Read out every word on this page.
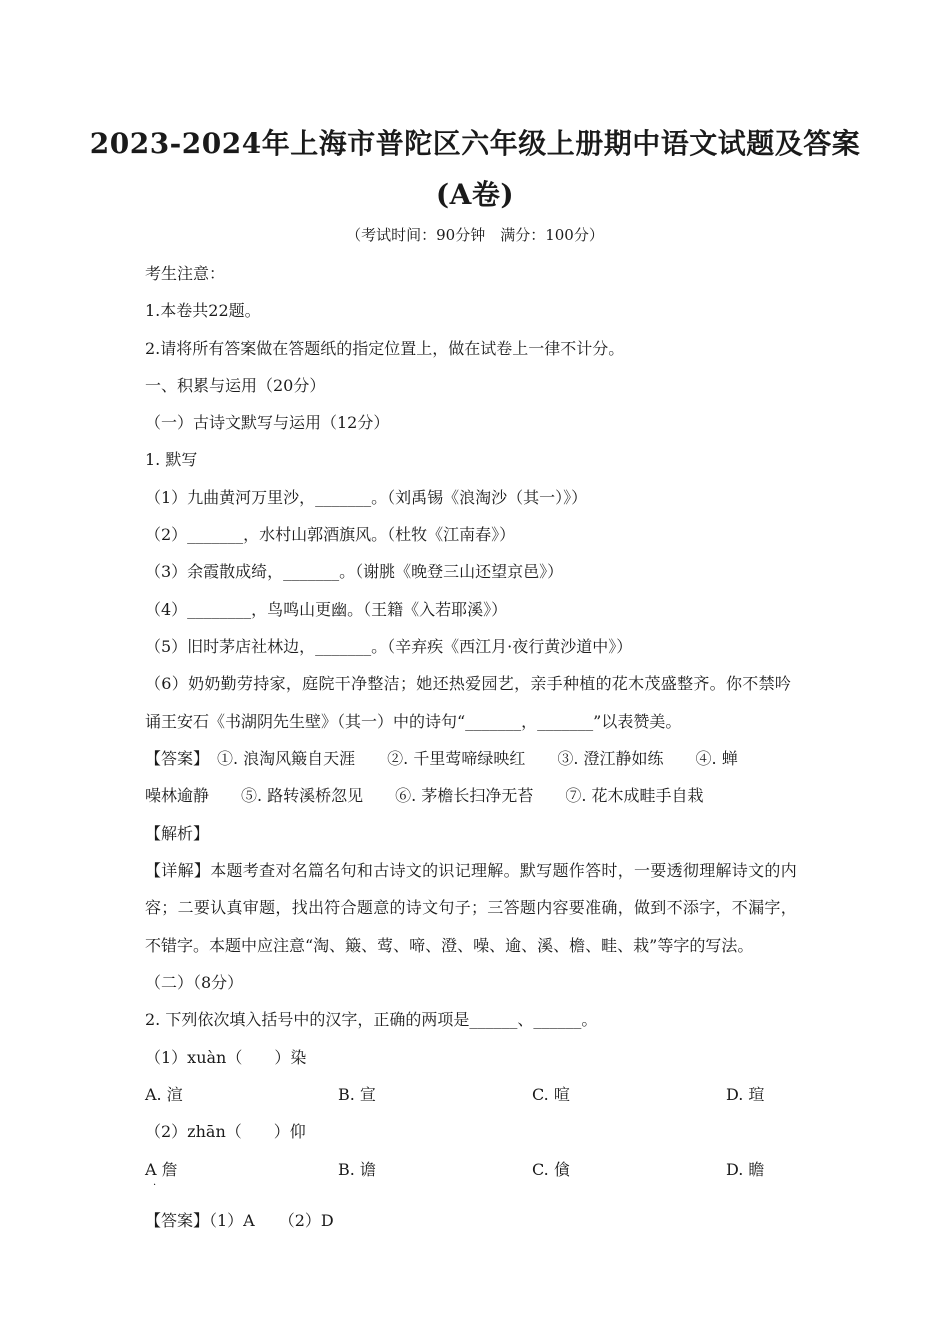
2023-2024年上海市普陀区六年级上册期中语文试题及答案
(A卷)
（考试时间：90分钟　满分：100分）
考生注意：
1.本卷共22题。
2.请将所有答案做在答题纸的指定位置上，做在试卷上一律不计分。
一、积累与运用（20分）
（一）古诗文默写与运用（12分）
1. 默写
（1）九曲黄河万里沙，_______。（刘禹锡《浪淘沙（其一）》）
（2）_______，水村山郭酒旗风。（杜牧《江南春》）
（3）余霞散成绮，_______。（谢朓《晚登三山还望京邑》）
（4）________，鸟鸣山更幽。（王籍《入若耶溪》）
（5）旧时茅店社林边，_______。（辛弃疾《西江月·夜行黄沙道中》）
（6）奶奶勤劳持家，庭院干净整洁；她还热爱园艺，亲手种植的花木茂盛整齐。你不禁吟
诵王安石《书湖阴先生壁》（其一）中的诗句“_______，_______”以表赞美。
【答案】　①. 浪淘风簸自天涯　　②. 千里莺啼绿映红　　③. 澄江静如练　　④. 蝉
噪林逾静　　⑤. 路转溪桥忽见　　⑥. 茅檐长扫净无苔　　⑦. 花木成畦手自栽
【解析】
【详解】本题考查对名篇名句和古诗文的识记理解。默写题作答时，一要透彻理解诗文的内
容；二要认真审题，找出符合题意的诗文句子；三答题内容要准确，做到不添字，不漏字，
不错字。本题中应注意“淘、簸、莺、啼、澄、噪、逾、溪、檐、畦、栽”等字的写法。
（二）（8分）
2. 下列依次填入括号中的汉字，正确的两项是______、______。
（1）xuàn（　　）染
A. 渲	B. 宣	C. 喧	D. 瑄
（2）zhān（　　）仰
A 詹	B. 谵	C. 僋	D. 瞻
·
【答案】（1）A　　（2）D
